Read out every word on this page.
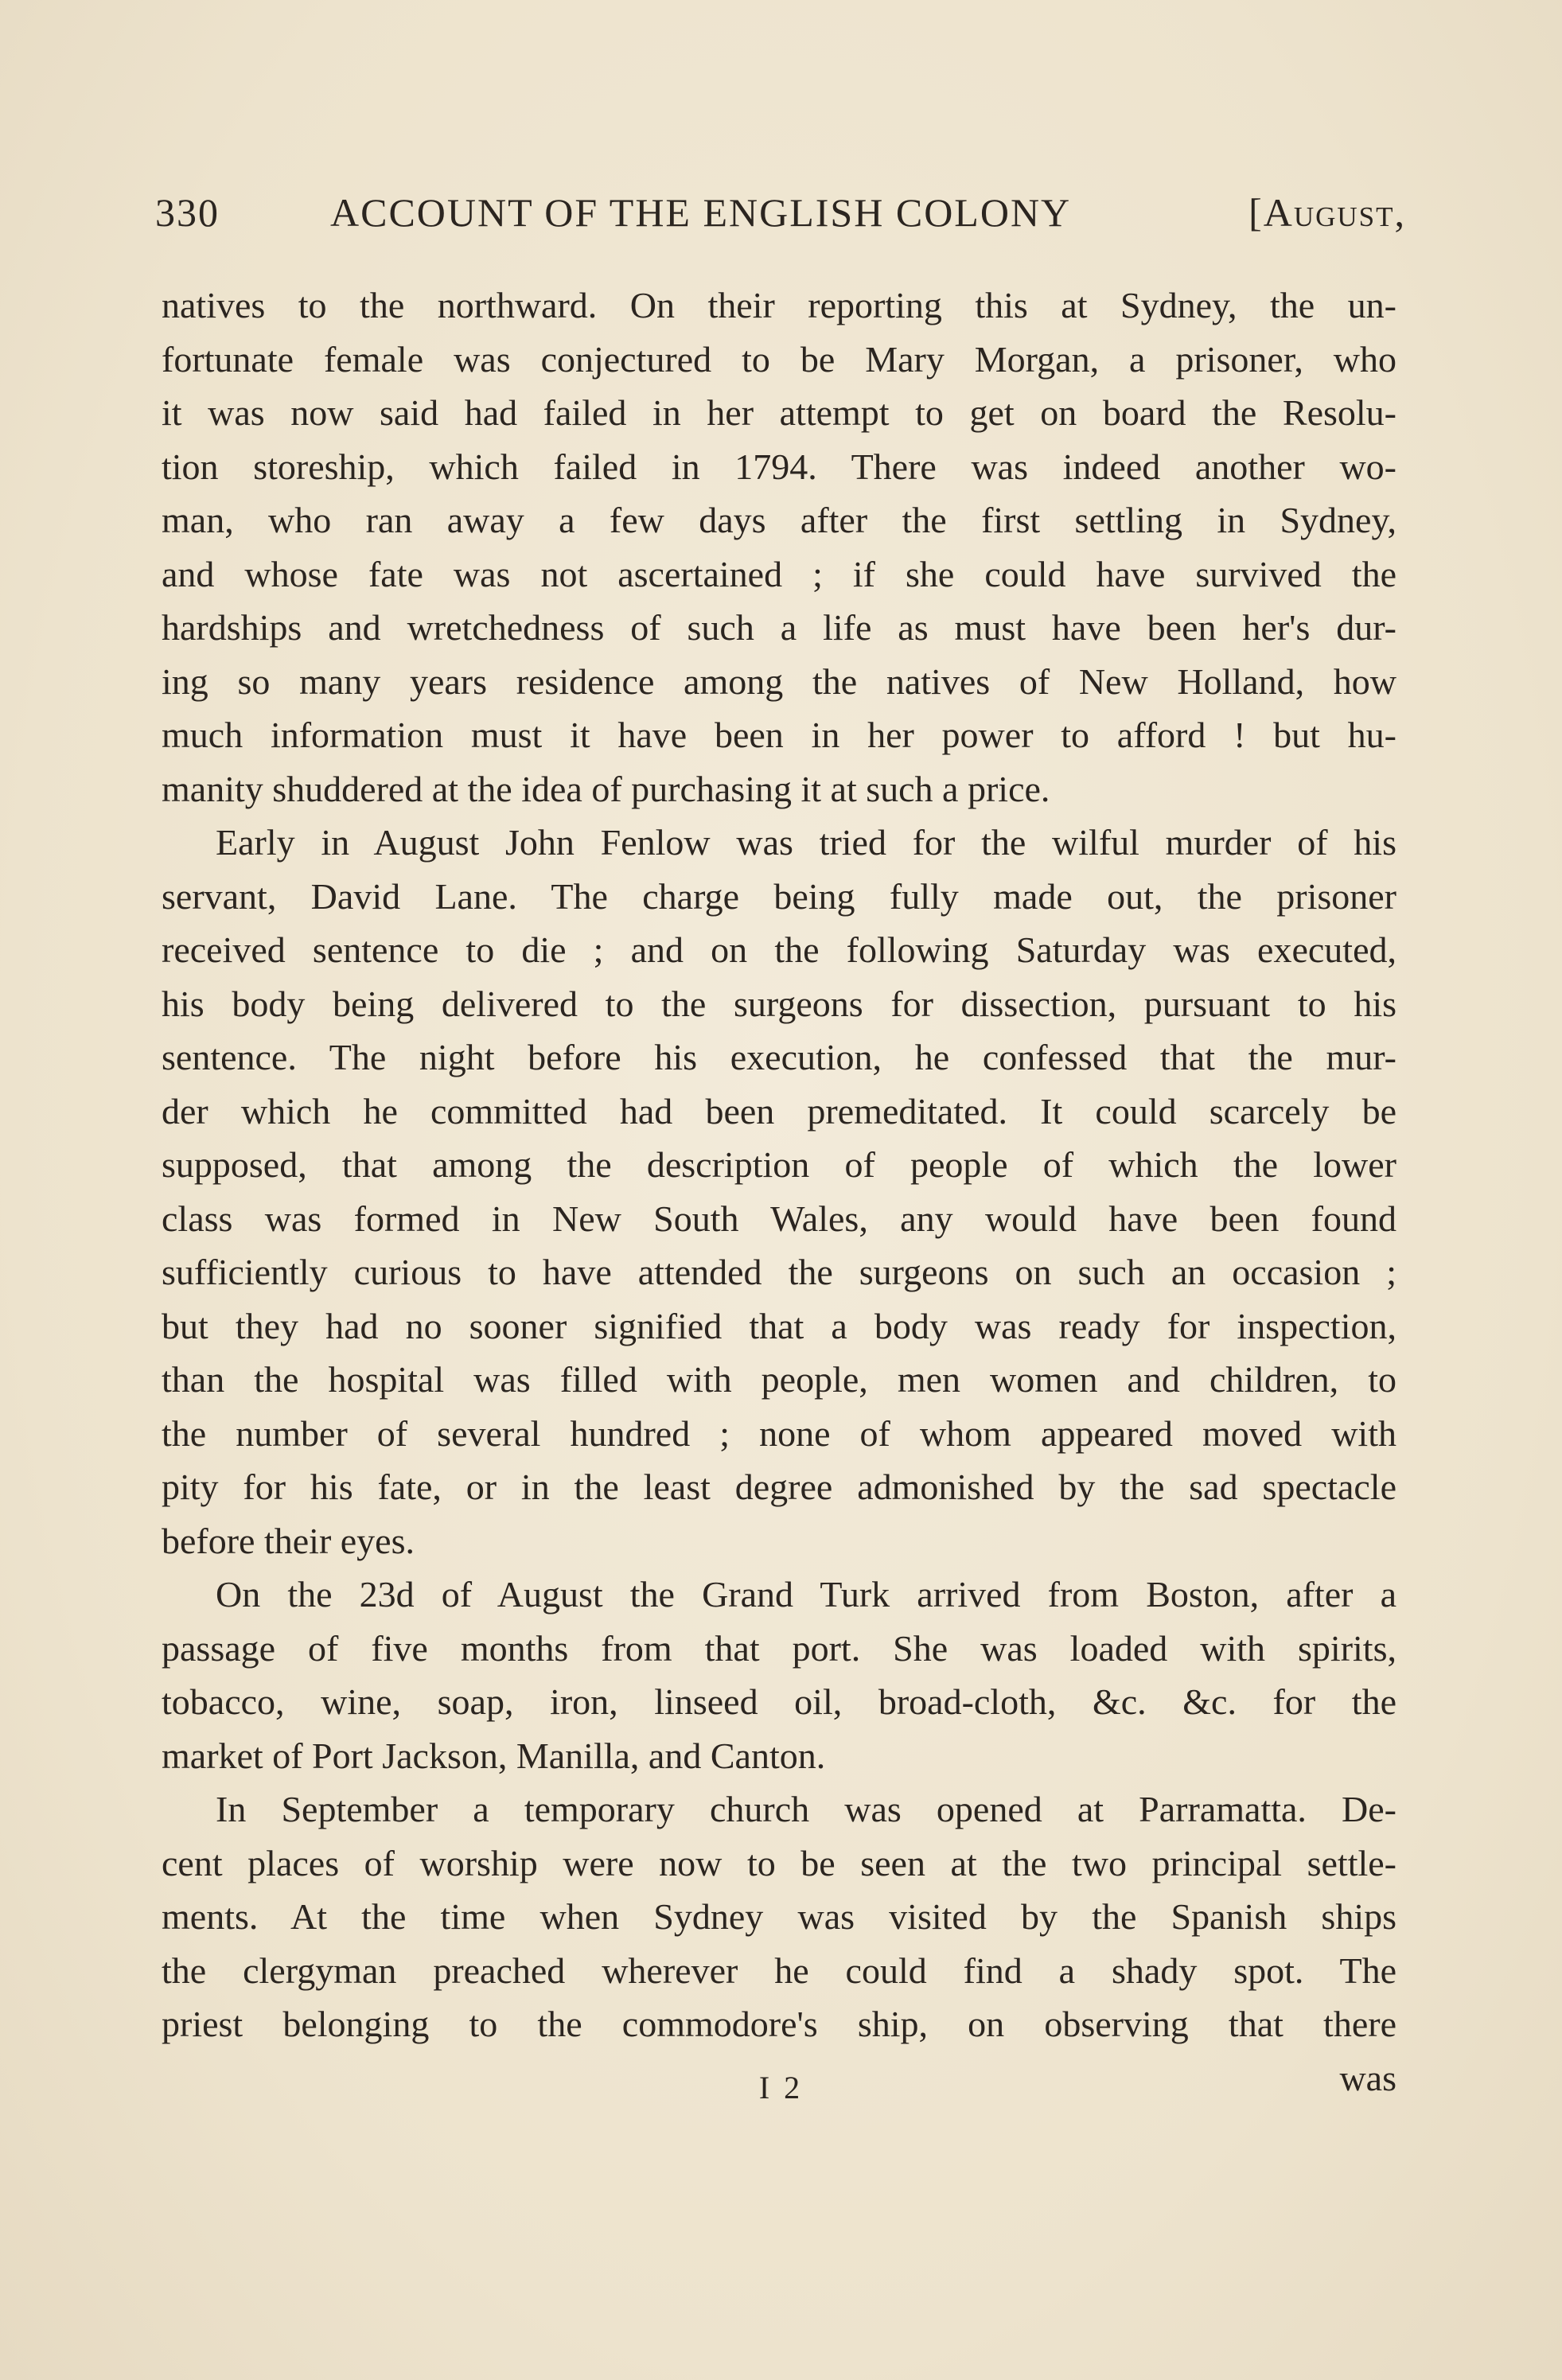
330	ACCOUNT OF THE ENGLISH COLONY	[August,
natives to the northward. On their reporting this at Sydney, the un-
fortunate female was conjectured to be Mary Morgan, a prisoner, who
it was now said had failed in her attempt to get on board the Resolu-
tion storeship, which failed in 1794. There was indeed another wo-
man, who ran away a few days after the first settling in Sydney,
and whose fate was not ascertained ; if she could have survived the
hardships and wretchedness of such a life as must have been her's dur-
ing so many years residence among the natives of New Holland, how
much information must it have been in her power to afford ! but hu-
manity shuddered at the idea of purchasing it at such a price.
Early in August John Fenlow was tried for the wilful murder of his
servant, David Lane. The charge being fully made out, the prisoner
received sentence to die ; and on the following Saturday was executed,
his body being delivered to the surgeons for dissection, pursuant to his
sentence. The night before his execution, he confessed that the mur-
der which he committed had been premeditated. It could scarcely be
supposed, that among the description of people of which the lower
class was formed in New South Wales, any would have been found
sufficiently curious to have attended the surgeons on such an occasion ;
but they had no sooner signified that a body was ready for inspection,
than the hospital was filled with people, men women and children, to
the number of several hundred ; none of whom appeared moved with
pity for his fate, or in the least degree admonished by the sad spectacle
before their eyes.
On the 23d of August the Grand Turk arrived from Boston, after a
passage of five months from that port. She was loaded with spirits,
tobacco, wine, soap, iron, linseed oil, broad-cloth, &c. &c. for the
market of Port Jackson, Manilla, and Canton.
In September a temporary church was opened at Parramatta. De-
cent places of worship were now to be seen at the two principal settle-
ments. At the time when Sydney was visited by the Spanish ships
the clergyman preached wherever he could find a shady spot. The
priest belonging to the commodore's ship, on observing that there
was
I 2
